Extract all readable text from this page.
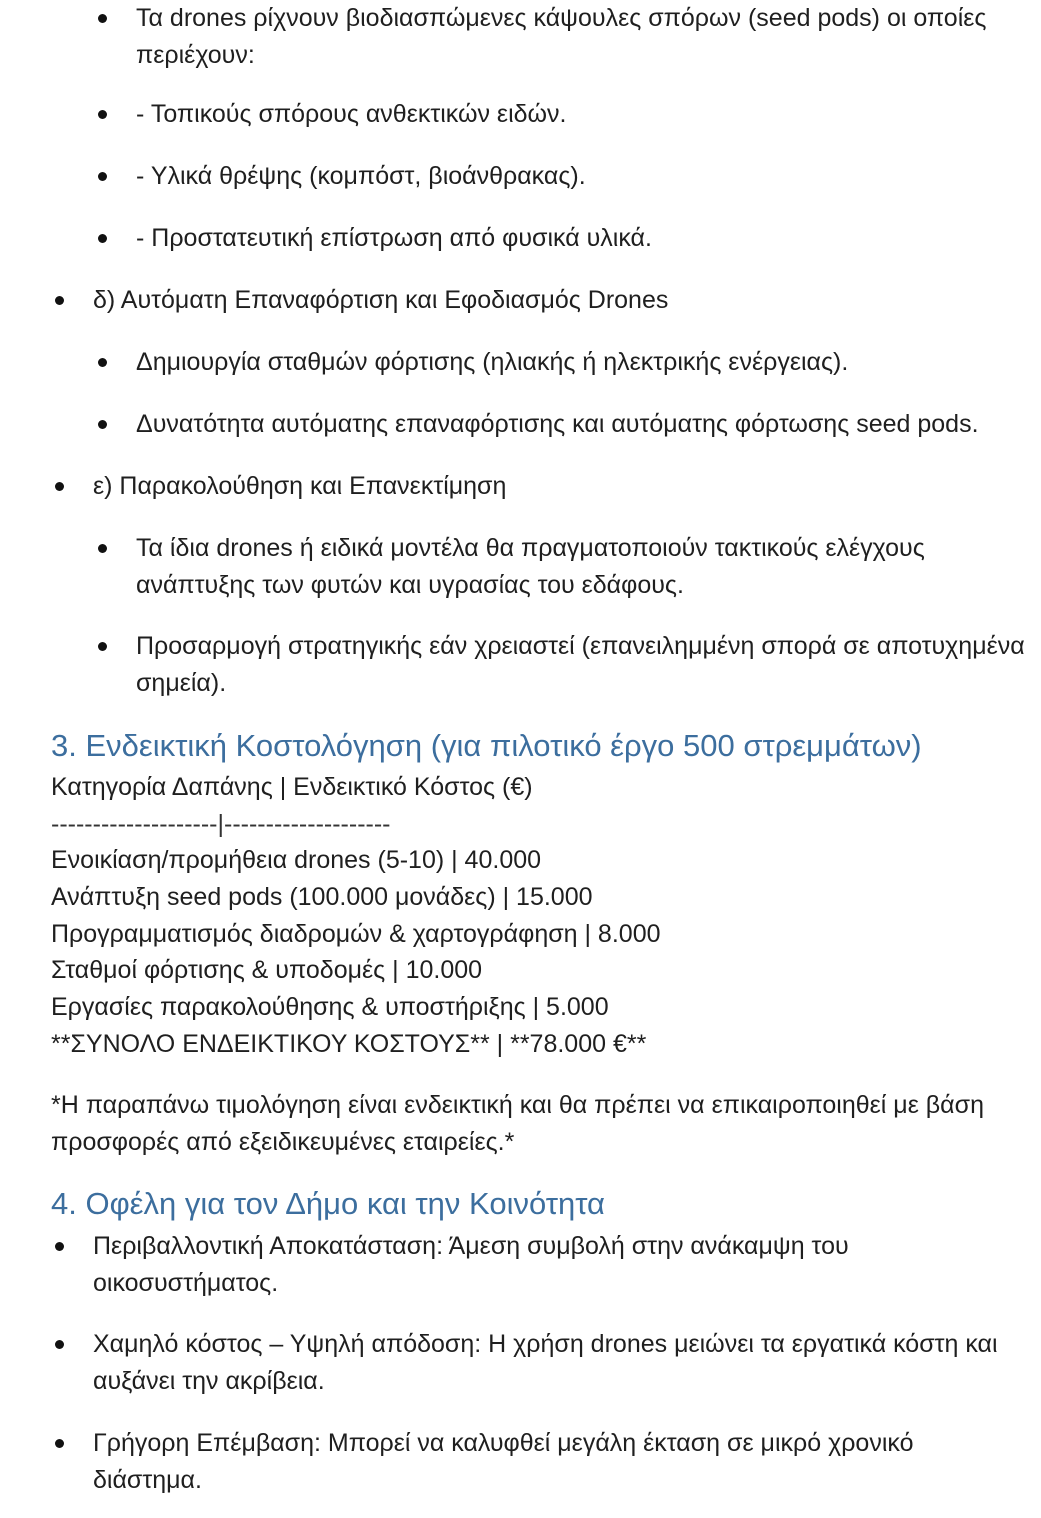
Τα drones ρίχνουν βιοδιασπώμενες κάψουλες σπόρων (seed pods) οι οποίες
περιέχουν:
- Τοπικούς σπόρους ανθεκτικών ειδών.
- Υλικά θρέψης (κομπόστ, βιοάνθρακας).
- Προστατευτική επίστρωση από φυσικά υλικά.
δ) Αυτόματη Επαναφόρτιση και Εφοδιασμός Drones
Δημιουργία σταθμών φόρτισης (ηλιακής ή ηλεκτρικής ενέργειας).
Δυνατότητα αυτόματης επαναφόρτισης και αυτόματης φόρτωσης seed pods.
ε) Παρακολούθηση και Επανεκτίμηση
Τα ίδια drones ή ειδικά μοντέλα θα πραγματοποιούν τακτικούς ελέγχους
ανάπτυξης των φυτών και υγρασίας του εδάφους.
Προσαρμογή στρατηγικής εάν χρειαστεί (επανειλημμένη σπορά σε αποτυχημένα
σημεία).
3. Ενδεικτική Κοστολόγηση (για πιλοτικό έργο 500 στρεμμάτων)
Κατηγορία Δαπάνης | Ενδεικτικό Κόστος (€)
--------------------|--------------------
Ενοικίαση/προμήθεια drones (5-10) | 40.000
Ανάπτυξη seed pods (100.000 μονάδες) | 15.000
Προγραμματισμός διαδρομών & χαρτογράφηση | 8.000
Σταθμοί φόρτισης & υποδομές | 10.000
Εργασίες παρακολούθησης & υποστήριξης | 5.000
**ΣΥΝΟΛΟ ΕΝΔΕΙΚΤΙΚΟΥ ΚΟΣΤΟΥΣ** | **78.000 €**
*Η παραπάνω τιμολόγηση είναι ενδεικτική και θα πρέπει να επικαιροποιηθεί με βάση
προσφορές από εξειδικευμένες εταιρείες.*
4. Οφέλη για τον Δήμο και την Κοινότητα
Περιβαλλοντική Αποκατάσταση: Άμεση συμβολή στην ανάκαμψη του
οικοσυστήματος.
Χαμηλό κόστος – Υψηλή απόδοση: Η χρήση drones μειώνει τα εργατικά κόστη και
αυξάνει την ακρίβεια.
Γρήγορη Επέμβαση: Μπορεί να καλυφθεί μεγάλη έκταση σε μικρό χρονικό
διάστημα.
